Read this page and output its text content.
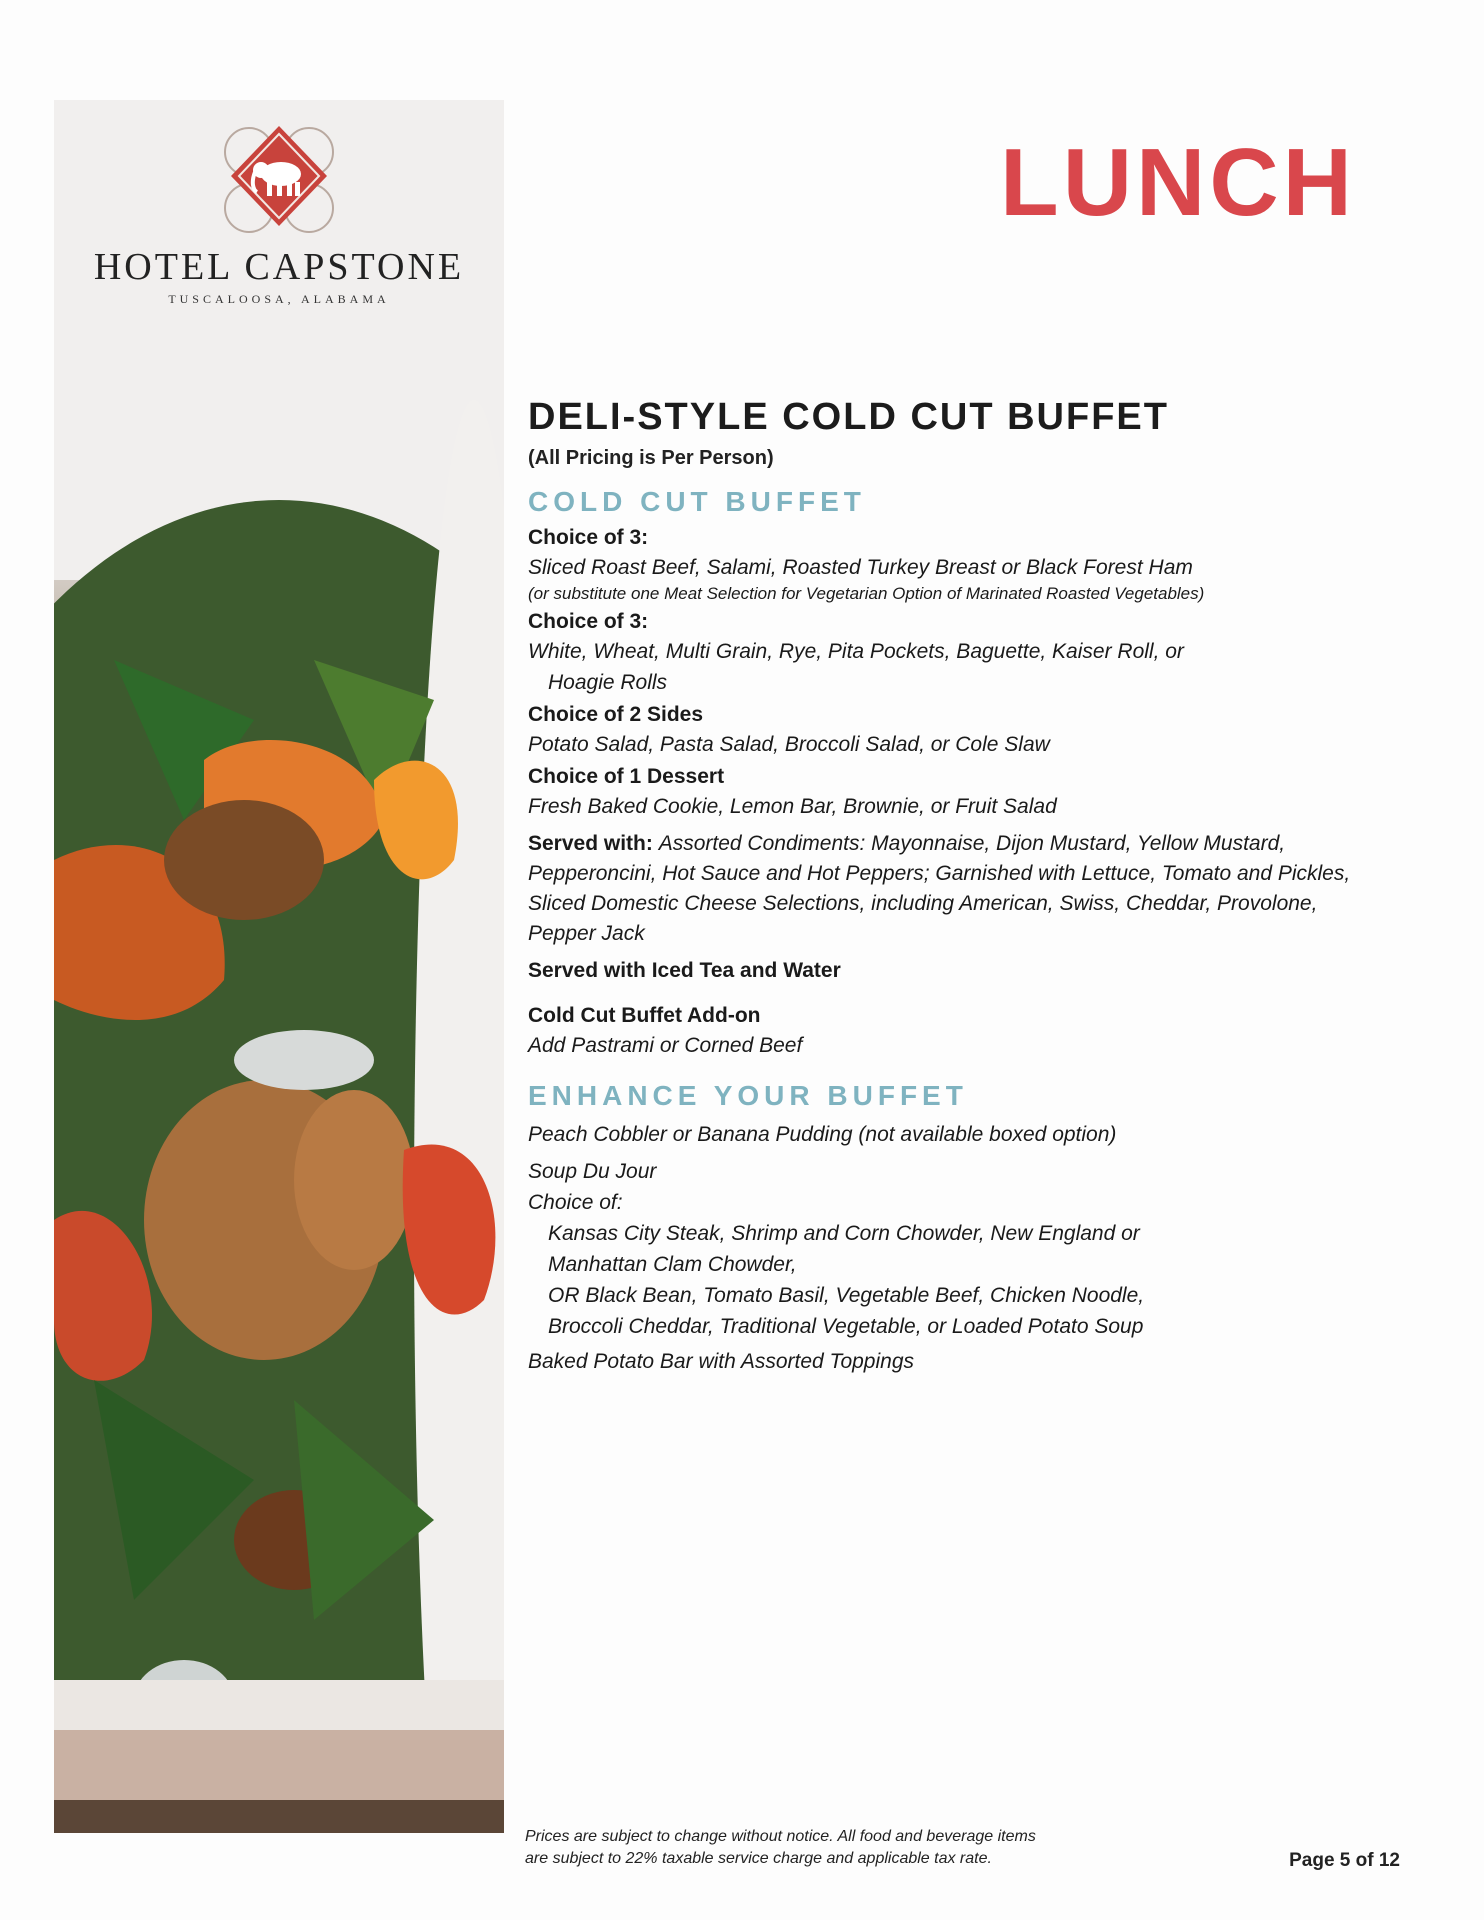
HOTEL CAPSTONE
TUSCALOOSA, ALABAMA
LUNCH
DELI-STYLE COLD CUT BUFFET

(All Pricing is Per Person)

COLD CUT BUFFET
Choice of 3:
Sliced Roast Beef, Salami, Roasted Turkey Breast or Black Forest Ham
(or substitute one Meat Selection for Vegetarian Option of Marinated Roasted Vegetables)
Choice of 3:
White, Wheat, Multi Grain, Rye, Pita Pockets, Baguette, Kaiser Roll, or
Hoagie Rolls
Choice of 2 Sides
Potato Salad, Pasta Salad, Broccoli Salad, or Cole Slaw
Choice of 1 Dessert
Fresh Baked Cookie, Lemon Bar, Brownie, or Fruit Salad
Served with: Assorted Condiments: Mayonnaise, Dijon Mustard, Yellow Mustard, Pepperoncini, Hot Sauce and Hot Peppers; Garnished with Lettuce, Tomato and Pickles, Sliced Domestic Cheese Selections, including American, Swiss, Cheddar, Provolone, Pepper Jack
Served with Iced Tea and Water
Cold Cut Buffet Add-on
Add Pastrami or Corned Beef
ENHANCE YOUR BUFFET
Peach Cobbler or Banana Pudding (not available boxed option)
Soup Du Jour
Choice of:
Kansas City Steak, Shrimp and Corn Chowder, New England or
Manhattan Clam Chowder,
OR Black Bean, Tomato Basil, Vegetable Beef, Chicken Noodle,
Broccoli Cheddar, Traditional Vegetable, or Loaded Potato Soup
Baked Potato Bar with Assorted Toppings
Prices are subject to change without notice. All food and beverage items
are subject to 22% taxable service charge and applicable tax rate.	Page 5 of 12
